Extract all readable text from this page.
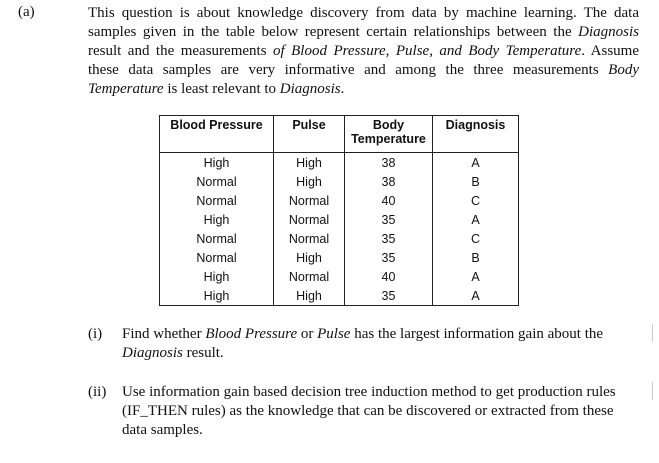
(a)	This question is about knowledge discovery from data by machine learning. The data samples given in the table below represent certain relationships between the Diagnosis result and the measurements of Blood Pressure, Pulse, and Body Temperature. Assume these data samples are very informative and among the three measurements Body Temperature is least relevant to Diagnosis.
Blood Pressure	Pulse	Body Temperature	Diagnosis
High	High	38	A
Normal	High	38	B
Normal	Normal	40	C
High	Normal	35	A
Normal	Normal	35	C
Normal	High	35	B
High	Normal	40	A
High	High	35	A
(i) Find whether Blood Pressure or Pulse has the largest information gain about the Diagnosis result.
(ii) Use information gain based decision tree induction method to get production rules (IF_THEN rules) as the knowledge that can be discovered or extracted from these data samples.
